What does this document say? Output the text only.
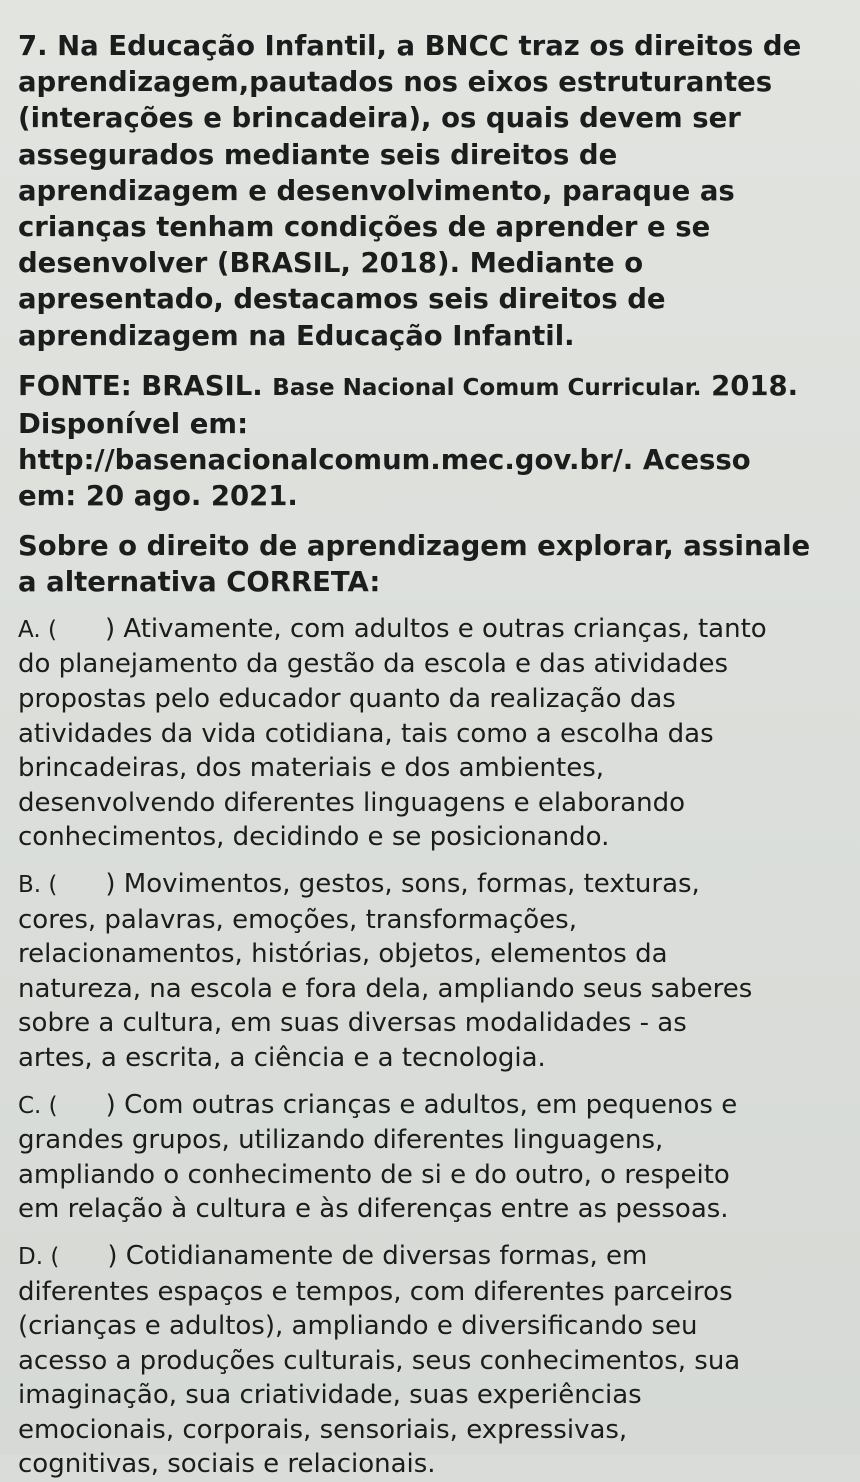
7. Na Educação Infantil, a BNCC traz os direitos de

aprendizagem,pautados nos eixos estruturantes

(interações e brincadeira), os quais devem ser

assegurados mediante seis direitos de

aprendizagem e desenvolvimento, paraque as

crianças tenham condições de aprender e se

desenvolver (BRASIL, 2018). Mediante o

apresentado, destacamos seis direitos de

aprendizagem na Educação Infantil.

FONTE: BRASIL. Base Nacional Comum Curricular. 2018.

Disponível em:

http://basenacionalcomum.mec.gov.br/. Acesso

em: 20 ago. 2021.

Sobre o direito de aprendizagem explorar, assinale

a alternativa CORRETA:

A. ( ) Ativamente, com adultos e outras crianças, tanto

do planejamento da gestão da escola e das atividades

propostas pelo educador quanto da realização das

atividades da vida cotidiana, tais como a escolha das

brincadeiras, dos materiais e dos ambientes,

desenvolvendo diferentes linguagens e elaborando

conhecimentos, decidindo e se posicionando.

B. ( ) Movimentos, gestos, sons, formas, texturas,

cores, palavras, emoções, transformações,

relacionamentos, histórias, objetos, elementos da

natureza, na escola e fora dela, ampliando seus saberes

sobre a cultura, em suas diversas modalidades - as

artes, a escrita, a ciência e a tecnologia.

C. ( ) Com outras crianças e adultos, em pequenos e

grandes grupos, utilizando diferentes linguagens,

ampliando o conhecimento de si e do outro, o respeito

em relação à cultura e às diferenças entre as pessoas.

D. ( ) Cotidianamente de diversas formas, em

diferentes espaços e tempos, com diferentes parceiros

(crianças e adultos), ampliando e diversificando seu

acesso a produções culturais, seus conhecimentos, sua

imaginação, sua criatividade, suas experiências

emocionais, corporais, sensoriais, expressivas,

cognitivas, sociais e relacionais.
